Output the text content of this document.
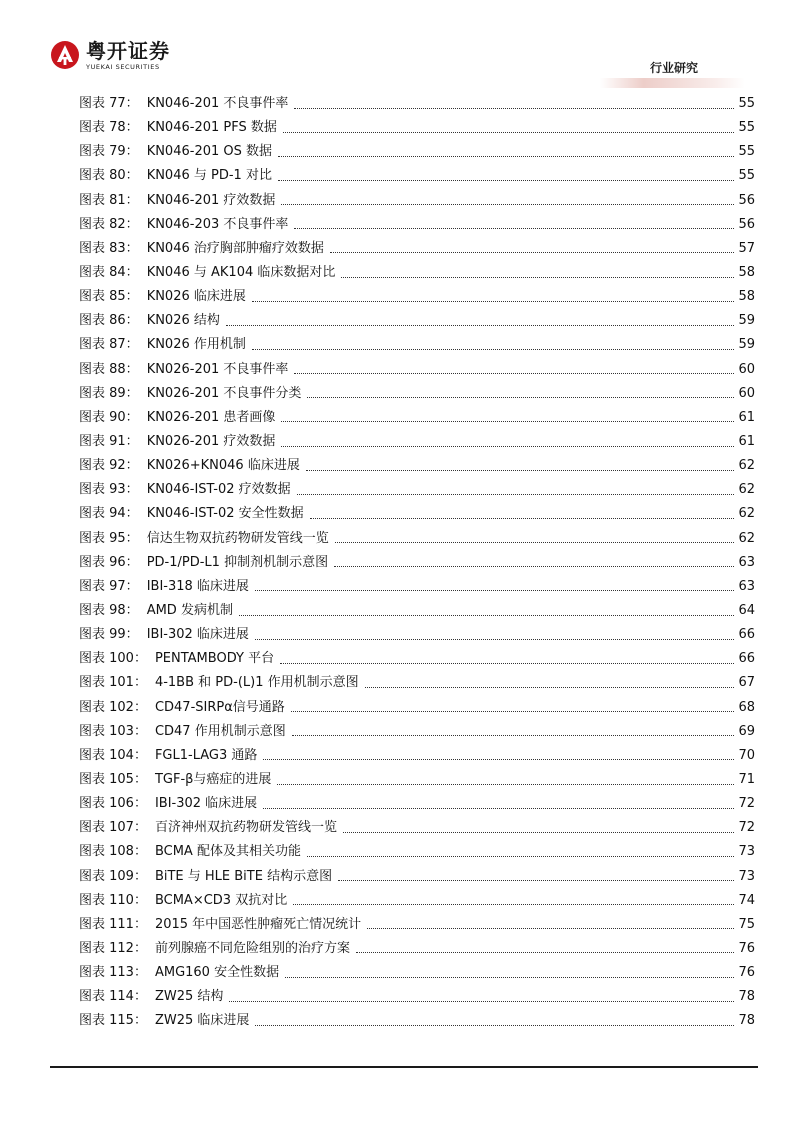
粤开证券
YUEKAI SECURITIES	行业研究
图表 77： KN046-201 不良事件率	55
图表 78： KN046-201 PFS 数据	55
图表 79： KN046-201 OS 数据	55
图表 80： KN046 与 PD-1 对比	55
图表 81： KN046-201 疗效数据	56
图表 82： KN046-203 不良事件率	56
图表 83： KN046 治疗胸部肿瘤疗效数据	57
图表 84： KN046 与 AK104 临床数据对比	58
图表 85： KN026 临床进展	58
图表 86： KN026 结构	59
图表 87： KN026 作用机制	59
图表 88： KN026-201 不良事件率	60
图表 89： KN026-201 不良事件分类	60
图表 90： KN026-201 患者画像	61
图表 91： KN026-201 疗效数据	61
图表 92： KN026+KN046 临床进展	62
图表 93： KN046-IST-02 疗效数据	62
图表 94： KN046-IST-02 安全性数据	62
图表 95： 信达生物双抗药物研发管线一览	62
图表 96： PD-1/PD-L1 抑制剂机制示意图	63
图表 97： IBI-318 临床进展	63
图表 98： AMD 发病机制	64
图表 99： IBI-302 临床进展	66
图表 100： PENTAMBODY 平台	66
图表 101： 4-1BB 和 PD-(L)1 作用机制示意图	67
图表 102： CD47-SIRPα信号通路	68
图表 103： CD47 作用机制示意图	69
图表 104： FGL1-LAG3 通路	70
图表 105： TGF-β与癌症的进展	71
图表 106： IBI-302 临床进展	72
图表 107： 百济神州双抗药物研发管线一览	72
图表 108： BCMA 配体及其相关功能	73
图表 109： BiTE 与 HLE BiTE 结构示意图	73
图表 110： BCMA×CD3 双抗对比	74
图表 111： 2015 年中国恶性肿瘤死亡情况统计	75
图表 112： 前列腺癌不同危险组别的治疗方案	76
图表 113： AMG160 安全性数据	76
图表 114： ZW25 结构	78
图表 115： ZW25 临床进展	78
